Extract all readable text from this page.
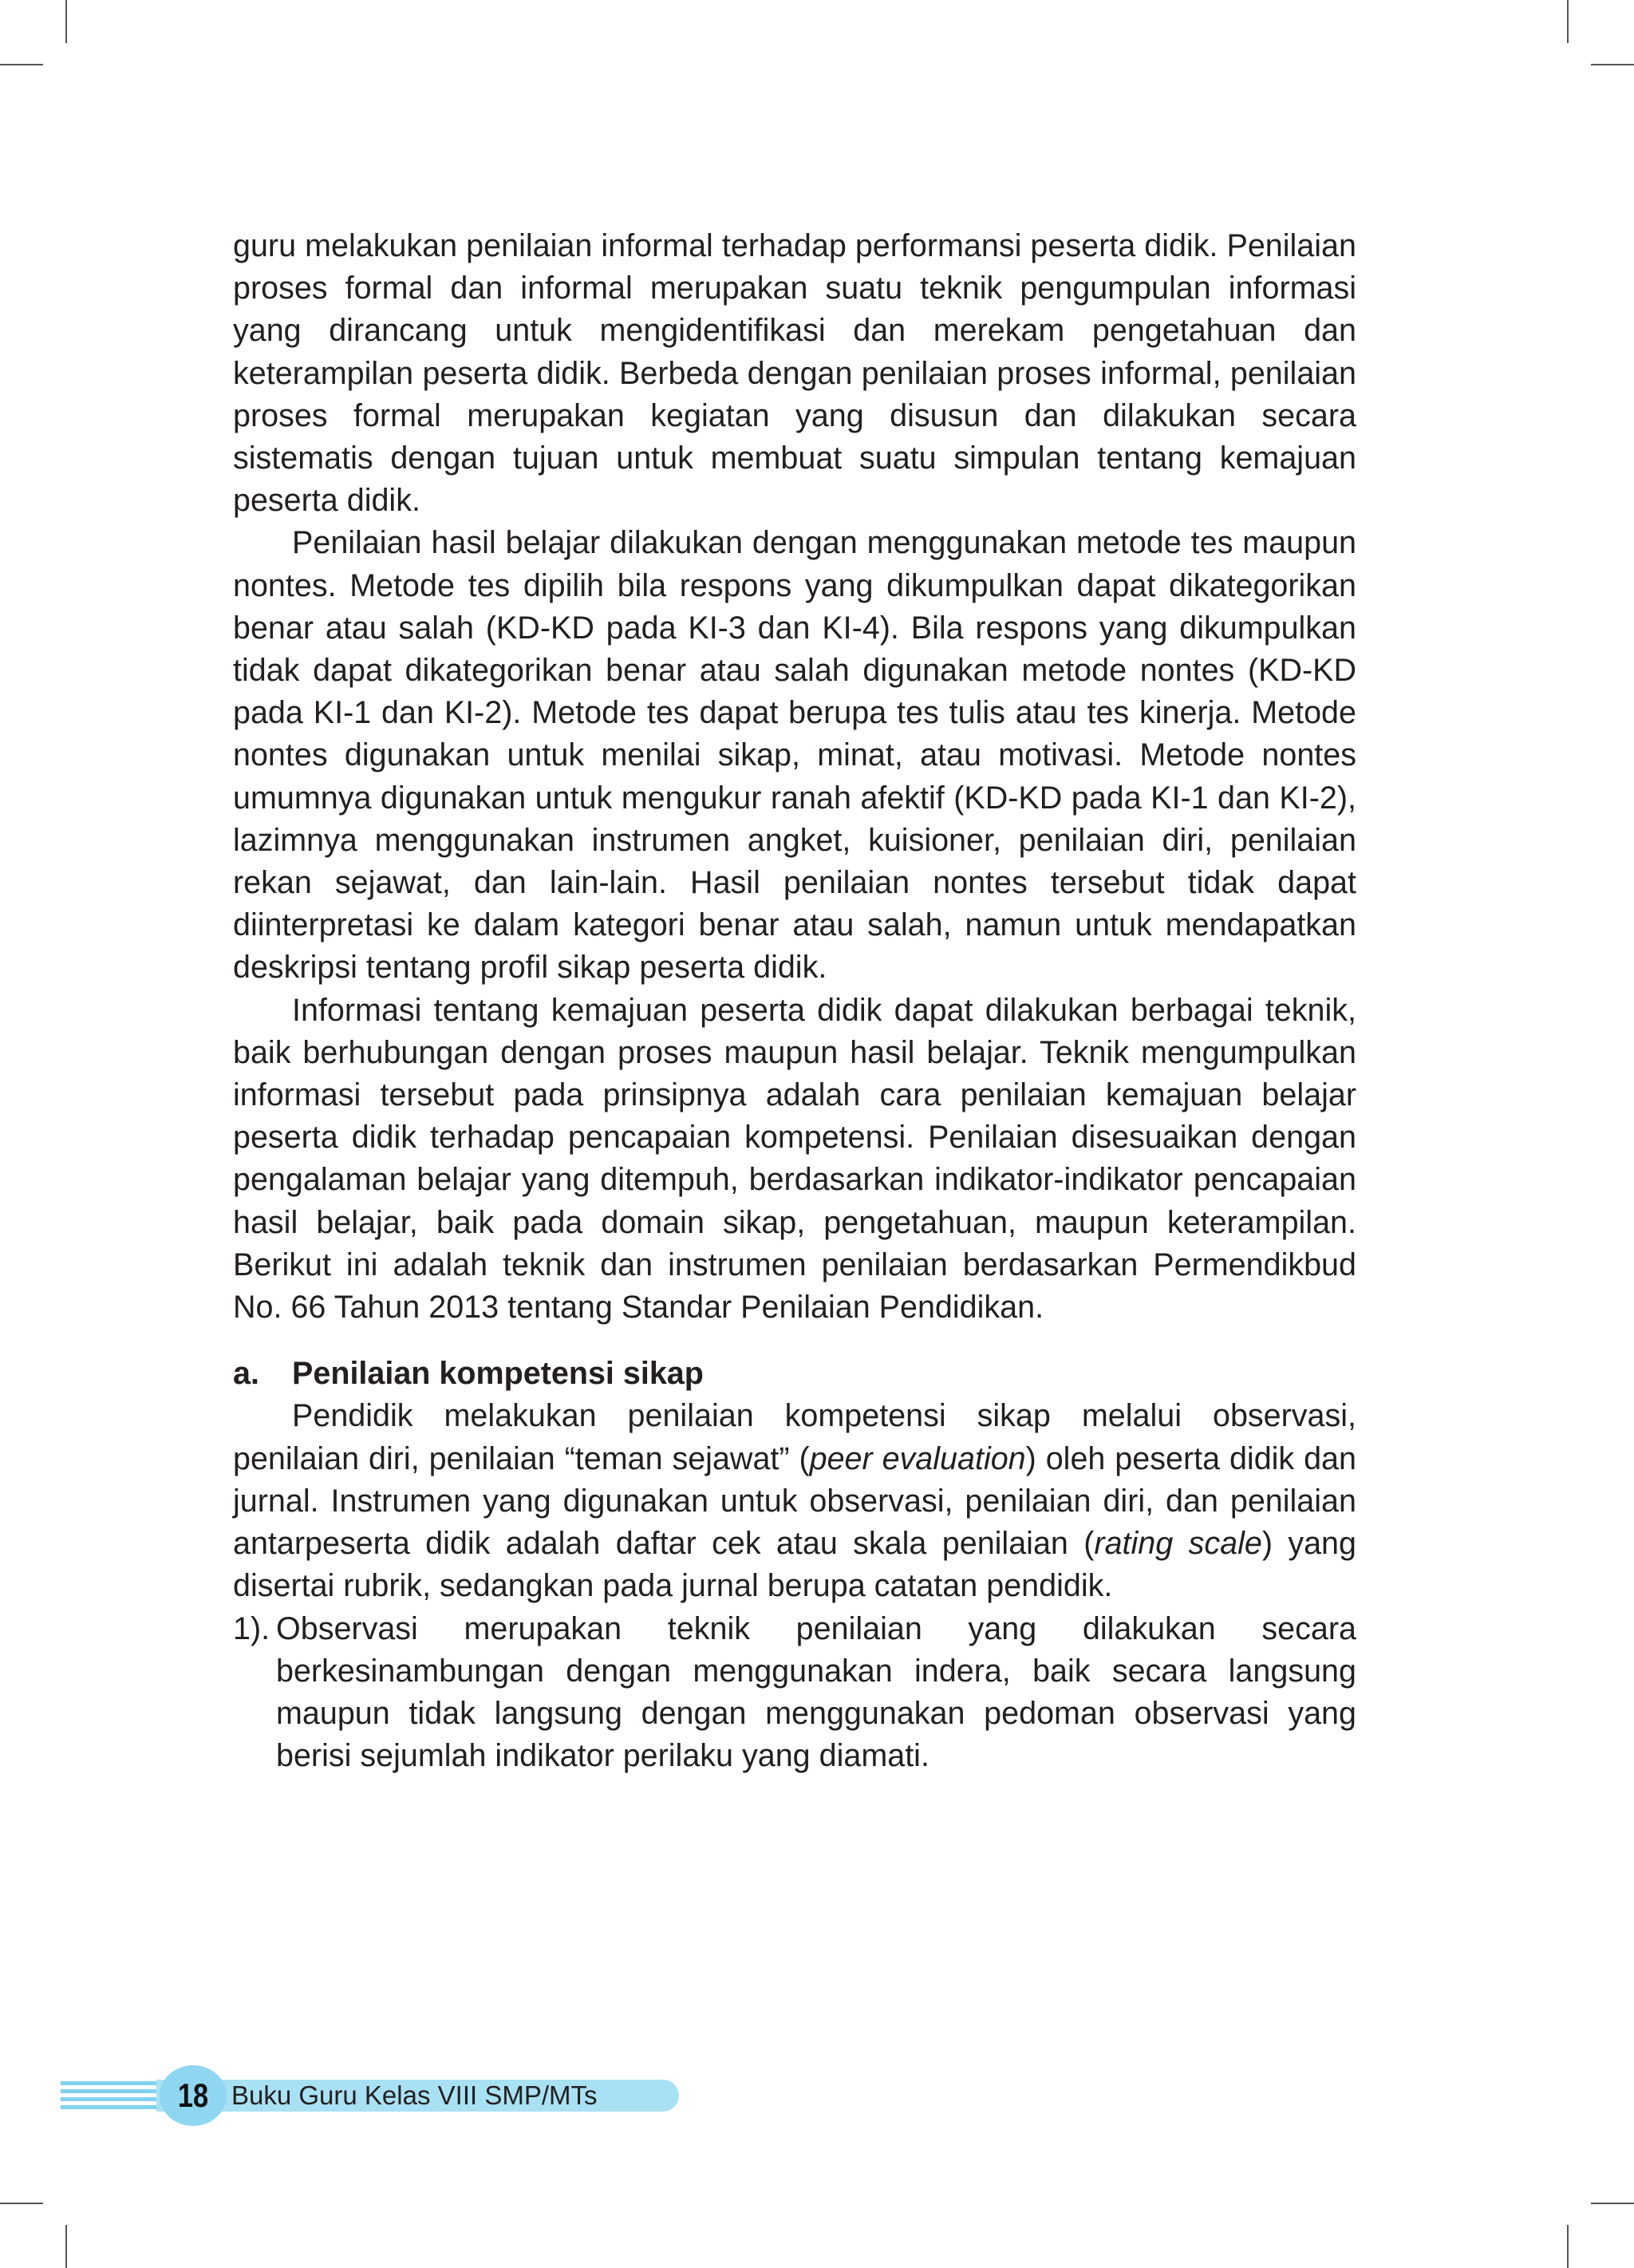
guru melakukan penilaian informal terhadap performansi peserta didik. Penilaian proses formal dan informal merupakan suatu teknik pengumpulan informasi yang dirancang untuk mengidentifikasi dan merekam pengetahuan dan keterampilan peserta didik. Berbeda dengan penilaian proses informal, penilaian proses formal merupakan kegiatan yang disusun dan dilakukan secara sistematis dengan tujuan untuk membuat suatu simpulan tentang kemajuan peserta didik.

Penilaian hasil belajar dilakukan dengan menggunakan metode tes maupun nontes. Metode tes dipilih bila respons yang dikumpulkan dapat dikategorikan benar atau salah (KD-KD pada KI-3 dan KI-4). Bila respons yang dikumpulkan tidak dapat dikategorikan benar atau salah digunakan metode nontes (KD-KD pada KI-1 dan KI-2). Metode tes dapat berupa tes tulis atau tes kinerja. Metode nontes digunakan untuk menilai sikap, minat, atau motivasi. Metode nontes umumnya digunakan untuk mengukur ranah afektif (KD-KD pada KI-1 dan KI-2), lazimnya menggunakan instrumen angket, kuisioner, penilaian diri, penilaian rekan sejawat, dan lain-lain. Hasil penilaian nontes tersebut tidak dapat diinterpretasi ke dalam kategori benar atau salah, namun untuk mendapatkan deskripsi tentang profil sikap peserta didik.

Informasi tentang kemajuan peserta didik dapat dilakukan berbagai teknik, baik berhubungan dengan proses maupun hasil belajar. Teknik mengumpulkan informasi tersebut pada prinsipnya adalah cara penilaian kemajuan belajar peserta didik terhadap pencapaian kompetensi. Penilaian disesuaikan dengan pengalaman belajar yang ditempuh, berdasarkan indikator-indikator pencapaian hasil belajar, baik pada domain sikap, pengetahuan, maupun keterampilan. Berikut ini adalah teknik dan instrumen penilaian berdasarkan Permendikbud No. 66 Tahun 2013 tentang Standar Penilaian Pendidikan.

a.	Penilaian kompetensi sikap

Pendidik melakukan penilaian kompetensi sikap melalui observasi, penilaian diri, penilaian “teman sejawat” (peer evaluation) oleh peserta didik dan jurnal. Instrumen yang digunakan untuk observasi, penilaian diri, dan penilaian antarpeserta didik adalah daftar cek atau skala penilaian (rating scale) yang disertai rubrik, sedangkan pada jurnal berupa catatan pendidik.

1). Observasi merupakan teknik penilaian yang dilakukan secara berkesinambungan dengan menggunakan indera, baik secara langsung maupun tidak langsung dengan menggunakan pedoman observasi yang berisi sejumlah indikator perilaku yang diamati.
18 Buku Guru Kelas VIII SMP/MTs
